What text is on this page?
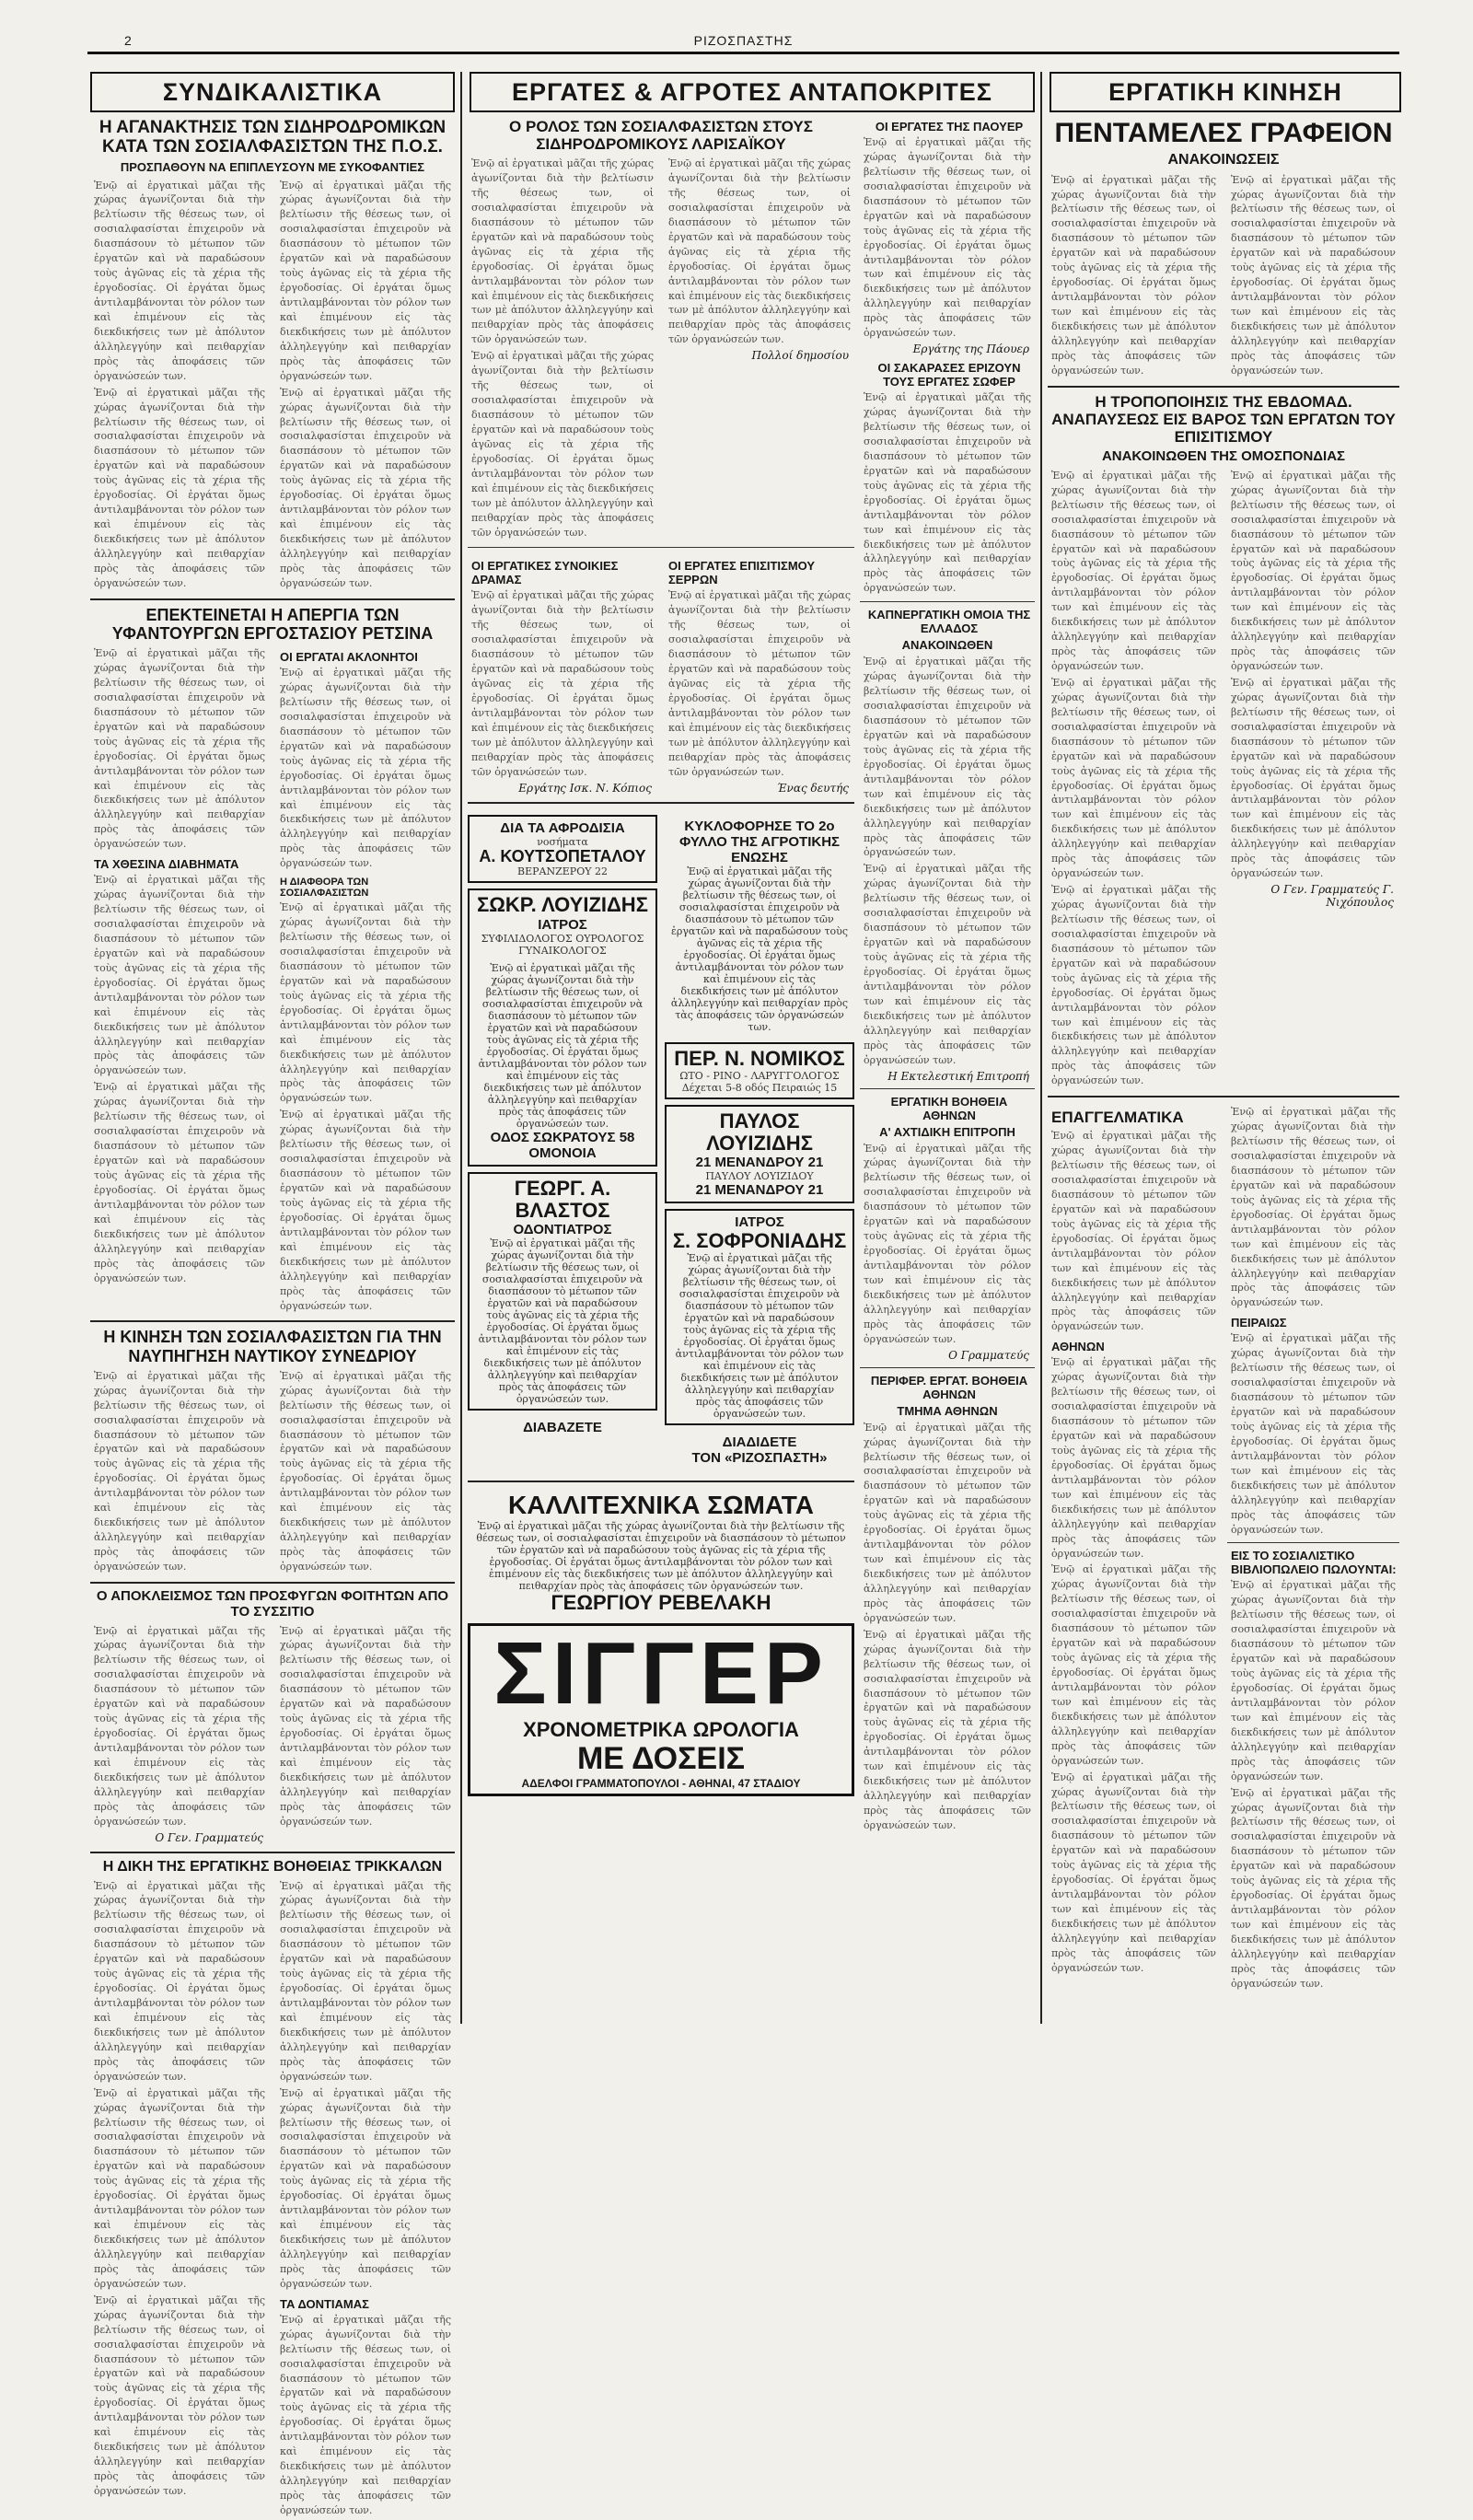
2	ΡΙΖΟΣΠΑΣΤΗΣ
ΣΥΝΔΙΚΑΛΙΣΤΙΚΑ	ΕΡΓΑΤΕΣ & ΑΓΡΟΤΕΣ ΑΝΤΑΠΟΚΡΙΤΕΣ	ΕΡΓΑΤΙΚΗ ΚΙΝΗΣΗ
Η ΑΓΑΝΑΚΤΗΣΙΣ ΤΩΝ ΣΙΔΗΡΟΔΡΟΜΙΚΩΝ ΚΑΤΑ ΤΩΝ ΣΟΣΙΑΛΦΑΣΙΣΤΩΝ ΤΗΣ Π.Ο.Σ.
ΠΡΟΣΠΑΘΟΥΝ ΝΑ ΕΠΙΠΛΕΥΣΟΥΝ ΜΕ ΣΥΚΟΦΑΝΤΙΕΣ

Ἐνῷ αἱ ἐργατικαὶ μᾶζαι τῆς χώρας ἀγωνίζονται διὰ τὴν βελτίωσιν τῆς θέσεως των, οἱ σοσιαλφασίσται ἐπιχειροῦν νὰ διασπάσουν τὸ μέτωπον τῶν ἐργατῶν καὶ νὰ παραδώσουν τοὺς ἀγῶνας εἰς τὰ χέρια τῆς ἐργοδοσίας. Οἱ ἐργάται ὅμως ἀντιλαμβάνονται τὸν ρόλον των καὶ ἐπιμένουν εἰς τὰς διεκδικήσεις των μὲ ἀπόλυτον ἀλληλεγγύην καὶ πειθαρχίαν πρὸς τὰς ἀποφάσεις τῶν ὀργανώσεών των.

Ἐνῷ αἱ ἐργατικαὶ μᾶζαι τῆς χώρας ἀγωνίζονται διὰ τὴν βελτίωσιν τῆς θέσεως των, οἱ σοσιαλφασίσται ἐπιχειροῦν νὰ διασπάσουν τὸ μέτωπον τῶν ἐργατῶν καὶ νὰ παραδώσουν τοὺς ἀγῶνας εἰς τὰ χέρια τῆς ἐργοδοσίας. Οἱ ἐργάται ὅμως ἀντιλαμβάνονται τὸν ρόλον των καὶ ἐπιμένουν εἰς τὰς διεκδικήσεις των μὲ ἀπόλυτον ἀλληλεγγύην καὶ πειθαρχίαν πρὸς τὰς ἀποφάσεις τῶν ὀργανώσεών των.

Ἐνῷ αἱ ἐργατικαὶ μᾶζαι τῆς χώρας ἀγωνίζονται διὰ τὴν βελτίωσιν τῆς θέσεως των, οἱ σοσιαλφασίσται ἐπιχειροῦν νὰ διασπάσουν τὸ μέτωπον τῶν ἐργατῶν καὶ νὰ παραδώσουν τοὺς ἀγῶνας εἰς τὰ χέρια τῆς ἐργοδοσίας. Οἱ ἐργάται ὅμως ἀντιλαμβάνονται τὸν ρόλον των καὶ ἐπιμένουν εἰς τὰς διεκδικήσεις των μὲ ἀπόλυτον ἀλληλεγγύην καὶ πειθαρχίαν πρὸς τὰς ἀποφάσεις τῶν ὀργανώσεών των.

Ἐνῷ αἱ ἐργατικαὶ μᾶζαι τῆς χώρας ἀγωνίζονται διὰ τὴν βελτίωσιν τῆς θέσεως των, οἱ σοσιαλφασίσται ἐπιχειροῦν νὰ διασπάσουν τὸ μέτωπον τῶν ἐργατῶν καὶ νὰ παραδώσουν τοὺς ἀγῶνας εἰς τὰ χέρια τῆς ἐργοδοσίας. Οἱ ἐργάται ὅμως ἀντιλαμβάνονται τὸν ρόλον των καὶ ἐπιμένουν εἰς τὰς διεκδικήσεις των μὲ ἀπόλυτον ἀλληλεγγύην καὶ πειθαρχίαν πρὸς τὰς ἀποφάσεις τῶν ὀργανώσεών των.

ΕΠΕΚΤΕΙΝΕΤΑΙ Η ΑΠΕΡΓΙΑ ΤΩΝ ΥΦΑΝΤΟΥΡΓΩΝ ΕΡΓΟΣΤΑΣΙΟΥ ΡΕΤΣΙΝΑ

Ἐνῷ αἱ ἐργατικαὶ μᾶζαι τῆς χώρας ἀγωνίζονται διὰ τὴν βελτίωσιν τῆς θέσεως των, οἱ σοσιαλφασίσται ἐπιχειροῦν νὰ διασπάσουν τὸ μέτωπον τῶν ἐργατῶν καὶ νὰ παραδώσουν τοὺς ἀγῶνας εἰς τὰ χέρια τῆς ἐργοδοσίας. Οἱ ἐργάται ὅμως ἀντιλαμβάνονται τὸν ρόλον των καὶ ἐπιμένουν εἰς τὰς διεκδικήσεις των μὲ ἀπόλυτον ἀλληλεγγύην καὶ πειθαρχίαν πρὸς τὰς ἀποφάσεις τῶν ὀργανώσεών των.

ΤΑ ΧΘΕΣΙΝΑ ΔΙΑΒΗΜΑΤΑ

Ἐνῷ αἱ ἐργατικαὶ μᾶζαι τῆς χώρας ἀγωνίζονται διὰ τὴν βελτίωσιν τῆς θέσεως των, οἱ σοσιαλφασίσται ἐπιχειροῦν νὰ διασπάσουν τὸ μέτωπον τῶν ἐργατῶν καὶ νὰ παραδώσουν τοὺς ἀγῶνας εἰς τὰ χέρια τῆς ἐργοδοσίας. Οἱ ἐργάται ὅμως ἀντιλαμβάνονται τὸν ρόλον των καὶ ἐπιμένουν εἰς τὰς διεκδικήσεις των μὲ ἀπόλυτον ἀλληλεγγύην καὶ πειθαρχίαν πρὸς τὰς ἀποφάσεις τῶν ὀργανώσεών των.

Ἐνῷ αἱ ἐργατικαὶ μᾶζαι τῆς χώρας ἀγωνίζονται διὰ τὴν βελτίωσιν τῆς θέσεως των, οἱ σοσιαλφασίσται ἐπιχειροῦν νὰ διασπάσουν τὸ μέτωπον τῶν ἐργατῶν καὶ νὰ παραδώσουν τοὺς ἀγῶνας εἰς τὰ χέρια τῆς ἐργοδοσίας. Οἱ ἐργάται ὅμως ἀντιλαμβάνονται τὸν ρόλον των καὶ ἐπιμένουν εἰς τὰς διεκδικήσεις των μὲ ἀπόλυτον ἀλληλεγγύην καὶ πειθαρχίαν πρὸς τὰς ἀποφάσεις τῶν ὀργανώσεών των.

ΟΙ ΕΡΓΑΤΑΙ ΑΚΛΟΝΗΤΟΙ

Ἐνῷ αἱ ἐργατικαὶ μᾶζαι τῆς χώρας ἀγωνίζονται διὰ τὴν βελτίωσιν τῆς θέσεως των, οἱ σοσιαλφασίσται ἐπιχειροῦν νὰ διασπάσουν τὸ μέτωπον τῶν ἐργατῶν καὶ νὰ παραδώσουν τοὺς ἀγῶνας εἰς τὰ χέρια τῆς ἐργοδοσίας. Οἱ ἐργάται ὅμως ἀντιλαμβάνονται τὸν ρόλον των καὶ ἐπιμένουν εἰς τὰς διεκδικήσεις των μὲ ἀπόλυτον ἀλληλεγγύην καὶ πειθαρχίαν πρὸς τὰς ἀποφάσεις τῶν ὀργανώσεών των.

Η ΔΙΑΦΘΟΡΑ ΤΩΝ ΣΟΣΙΑΛΦΑΣΙΣΤΩΝ

Ἐνῷ αἱ ἐργατικαὶ μᾶζαι τῆς χώρας ἀγωνίζονται διὰ τὴν βελτίωσιν τῆς θέσεως των, οἱ σοσιαλφασίσται ἐπιχειροῦν νὰ διασπάσουν τὸ μέτωπον τῶν ἐργατῶν καὶ νὰ παραδώσουν τοὺς ἀγῶνας εἰς τὰ χέρια τῆς ἐργοδοσίας. Οἱ ἐργάται ὅμως ἀντιλαμβάνονται τὸν ρόλον των καὶ ἐπιμένουν εἰς τὰς διεκδικήσεις των μὲ ἀπόλυτον ἀλληλεγγύην καὶ πειθαρχίαν πρὸς τὰς ἀποφάσεις τῶν ὀργανώσεών των.

Ἐνῷ αἱ ἐργατικαὶ μᾶζαι τῆς χώρας ἀγωνίζονται διὰ τὴν βελτίωσιν τῆς θέσεως των, οἱ σοσιαλφασίσται ἐπιχειροῦν νὰ διασπάσουν τὸ μέτωπον τῶν ἐργατῶν καὶ νὰ παραδώσουν τοὺς ἀγῶνας εἰς τὰ χέρια τῆς ἐργοδοσίας. Οἱ ἐργάται ὅμως ἀντιλαμβάνονται τὸν ρόλον των καὶ ἐπιμένουν εἰς τὰς διεκδικήσεις των μὲ ἀπόλυτον ἀλληλεγγύην καὶ πειθαρχίαν πρὸς τὰς ἀποφάσεις τῶν ὀργανώσεών των.

Η ΚΙΝΗΣΗ ΤΩΝ ΣΟΣΙΑΛΦΑΣΙΣΤΩΝ ΓΙΑ ΤΗΝ ΝΑΥΠΗΓΗΣΗ ΝΑΥΤΙΚΟΥ ΣΥΝΕΔΡΙΟΥ

Ἐνῷ αἱ ἐργατικαὶ μᾶζαι τῆς χώρας ἀγωνίζονται διὰ τὴν βελτίωσιν τῆς θέσεως των, οἱ σοσιαλφασίσται ἐπιχειροῦν νὰ διασπάσουν τὸ μέτωπον τῶν ἐργατῶν καὶ νὰ παραδώσουν τοὺς ἀγῶνας εἰς τὰ χέρια τῆς ἐργοδοσίας. Οἱ ἐργάται ὅμως ἀντιλαμβάνονται τὸν ρόλον των καὶ ἐπιμένουν εἰς τὰς διεκδικήσεις των μὲ ἀπόλυτον ἀλληλεγγύην καὶ πειθαρχίαν πρὸς τὰς ἀποφάσεις τῶν ὀργανώσεών των.

Ἐνῷ αἱ ἐργατικαὶ μᾶζαι τῆς χώρας ἀγωνίζονται διὰ τὴν βελτίωσιν τῆς θέσεως των, οἱ σοσιαλφασίσται ἐπιχειροῦν νὰ διασπάσουν τὸ μέτωπον τῶν ἐργατῶν καὶ νὰ παραδώσουν τοὺς ἀγῶνας εἰς τὰ χέρια τῆς ἐργοδοσίας. Οἱ ἐργάται ὅμως ἀντιλαμβάνονται τὸν ρόλον των καὶ ἐπιμένουν εἰς τὰς διεκδικήσεις των μὲ ἀπόλυτον ἀλληλεγγύην καὶ πειθαρχίαν πρὸς τὰς ἀποφάσεις τῶν ὀργανώσεών των.

Ο ΑΠΟΚΛΕΙΣΜΟΣ ΤΩΝ ΠΡΟΣΦΥΓΩΝ ΦΟΙΤΗΤΩΝ ΑΠΟ ΤΟ ΣΥΣΣΙΤΙΟ

Ἐνῷ αἱ ἐργατικαὶ μᾶζαι τῆς χώρας ἀγωνίζονται διὰ τὴν βελτίωσιν τῆς θέσεως των, οἱ σοσιαλφασίσται ἐπιχειροῦν νὰ διασπάσουν τὸ μέτωπον τῶν ἐργατῶν καὶ νὰ παραδώσουν τοὺς ἀγῶνας εἰς τὰ χέρια τῆς ἐργοδοσίας. Οἱ ἐργάται ὅμως ἀντιλαμβάνονται τὸν ρόλον των καὶ ἐπιμένουν εἰς τὰς διεκδικήσεις των μὲ ἀπόλυτον ἀλληλεγγύην καὶ πειθαρχίαν πρὸς τὰς ἀποφάσεις τῶν ὀργανώσεών των.

Ο Γεν. Γραμματεύς

Ἐνῷ αἱ ἐργατικαὶ μᾶζαι τῆς χώρας ἀγωνίζονται διὰ τὴν βελτίωσιν τῆς θέσεως των, οἱ σοσιαλφασίσται ἐπιχειροῦν νὰ διασπάσουν τὸ μέτωπον τῶν ἐργατῶν καὶ νὰ παραδώσουν τοὺς ἀγῶνας εἰς τὰ χέρια τῆς ἐργοδοσίας. Οἱ ἐργάται ὅμως ἀντιλαμβάνονται τὸν ρόλον των καὶ ἐπιμένουν εἰς τὰς διεκδικήσεις των μὲ ἀπόλυτον ἀλληλεγγύην καὶ πειθαρχίαν πρὸς τὰς ἀποφάσεις τῶν ὀργανώσεών των.

Η ΔΙΚΗ ΤΗΣ ΕΡΓΑΤΙΚΗΣ ΒΟΗΘΕΙΑΣ ΤΡΙΚΚΑΛΩΝ

Ἐνῷ αἱ ἐργατικαὶ μᾶζαι τῆς χώρας ἀγωνίζονται διὰ τὴν βελτίωσιν τῆς θέσεως των, οἱ σοσιαλφασίσται ἐπιχειροῦν νὰ διασπάσουν τὸ μέτωπον τῶν ἐργατῶν καὶ νὰ παραδώσουν τοὺς ἀγῶνας εἰς τὰ χέρια τῆς ἐργοδοσίας. Οἱ ἐργάται ὅμως ἀντιλαμβάνονται τὸν ρόλον των καὶ ἐπιμένουν εἰς τὰς διεκδικήσεις των μὲ ἀπόλυτον ἀλληλεγγύην καὶ πειθαρχίαν πρὸς τὰς ἀποφάσεις τῶν ὀργανώσεών των.

Ἐνῷ αἱ ἐργατικαὶ μᾶζαι τῆς χώρας ἀγωνίζονται διὰ τὴν βελτίωσιν τῆς θέσεως των, οἱ σοσιαλφασίσται ἐπιχειροῦν νὰ διασπάσουν τὸ μέτωπον τῶν ἐργατῶν καὶ νὰ παραδώσουν τοὺς ἀγῶνας εἰς τὰ χέρια τῆς ἐργοδοσίας. Οἱ ἐργάται ὅμως ἀντιλαμβάνονται τὸν ρόλον των καὶ ἐπιμένουν εἰς τὰς διεκδικήσεις των μὲ ἀπόλυτον ἀλληλεγγύην καὶ πειθαρχίαν πρὸς τὰς ἀποφάσεις τῶν ὀργανώσεών των.

Ἐνῷ αἱ ἐργατικαὶ μᾶζαι τῆς χώρας ἀγωνίζονται διὰ τὴν βελτίωσιν τῆς θέσεως των, οἱ σοσιαλφασίσται ἐπιχειροῦν νὰ διασπάσουν τὸ μέτωπον τῶν ἐργατῶν καὶ νὰ παραδώσουν τοὺς ἀγῶνας εἰς τὰ χέρια τῆς ἐργοδοσίας. Οἱ ἐργάται ὅμως ἀντιλαμβάνονται τὸν ρόλον των καὶ ἐπιμένουν εἰς τὰς διεκδικήσεις των μὲ ἀπόλυτον ἀλληλεγγύην καὶ πειθαρχίαν πρὸς τὰς ἀποφάσεις τῶν ὀργανώσεών των.

Ἐνῷ αἱ ἐργατικαὶ μᾶζαι τῆς χώρας ἀγωνίζονται διὰ τὴν βελτίωσιν τῆς θέσεως των, οἱ σοσιαλφασίσται ἐπιχειροῦν νὰ διασπάσουν τὸ μέτωπον τῶν ἐργατῶν καὶ νὰ παραδώσουν τοὺς ἀγῶνας εἰς τὰ χέρια τῆς ἐργοδοσίας. Οἱ ἐργάται ὅμως ἀντιλαμβάνονται τὸν ρόλον των καὶ ἐπιμένουν εἰς τὰς διεκδικήσεις των μὲ ἀπόλυτον ἀλληλεγγύην καὶ πειθαρχίαν πρὸς τὰς ἀποφάσεις τῶν ὀργανώσεών των.

Ἐνῷ αἱ ἐργατικαὶ μᾶζαι τῆς χώρας ἀγωνίζονται διὰ τὴν βελτίωσιν τῆς θέσεως των, οἱ σοσιαλφασίσται ἐπιχειροῦν νὰ διασπάσουν τὸ μέτωπον τῶν ἐργατῶν καὶ νὰ παραδώσουν τοὺς ἀγῶνας εἰς τὰ χέρια τῆς ἐργοδοσίας. Οἱ ἐργάται ὅμως ἀντιλαμβάνονται τὸν ρόλον των καὶ ἐπιμένουν εἰς τὰς διεκδικήσεις των μὲ ἀπόλυτον ἀλληλεγγύην καὶ πειθαρχίαν πρὸς τὰς ἀποφάσεις τῶν ὀργανώσεών των.

ΤΑ ΔΟΝΤΙΑΜΑΣ

Ἐνῷ αἱ ἐργατικαὶ μᾶζαι τῆς χώρας ἀγωνίζονται διὰ τὴν βελτίωσιν τῆς θέσεως των, οἱ σοσιαλφασίσται ἐπιχειροῦν νὰ διασπάσουν τὸ μέτωπον τῶν ἐργατῶν καὶ νὰ παραδώσουν τοὺς ἀγῶνας εἰς τὰ χέρια τῆς ἐργοδοσίας. Οἱ ἐργάται ὅμως ἀντιλαμβάνονται τὸν ρόλον των καὶ ἐπιμένουν εἰς τὰς διεκδικήσεις των μὲ ἀπόλυτον ἀλληλεγγύην καὶ πειθαρχίαν πρὸς τὰς ἀποφάσεις τῶν ὀργανώσεών των.

Ο ΡΟΛΟΣ ΤΩΝ ΣΟΣΙΑΛΦΑΣΙΣΤΩΝ ΣΤΟΥΣ ΣΙΔΗΡΟΔΡΟΜΙΚΟΥΣ ΛΑΡΙΣΑΪΚΟΥ

Ἐνῷ αἱ ἐργατικαὶ μᾶζαι τῆς χώρας ἀγωνίζονται διὰ τὴν βελτίωσιν τῆς θέσεως των, οἱ σοσιαλφασίσται ἐπιχειροῦν νὰ διασπάσουν τὸ μέτωπον τῶν ἐργατῶν καὶ νὰ παραδώσουν τοὺς ἀγῶνας εἰς τὰ χέρια τῆς ἐργοδοσίας. Οἱ ἐργάται ὅμως ἀντιλαμβάνονται τὸν ρόλον των καὶ ἐπιμένουν εἰς τὰς διεκδικήσεις των μὲ ἀπόλυτον ἀλληλεγγύην καὶ πειθαρχίαν πρὸς τὰς ἀποφάσεις τῶν ὀργανώσεών των.

Ἐνῷ αἱ ἐργατικαὶ μᾶζαι τῆς χώρας ἀγωνίζονται διὰ τὴν βελτίωσιν τῆς θέσεως των, οἱ σοσιαλφασίσται ἐπιχειροῦν νὰ διασπάσουν τὸ μέτωπον τῶν ἐργατῶν καὶ νὰ παραδώσουν τοὺς ἀγῶνας εἰς τὰ χέρια τῆς ἐργοδοσίας. Οἱ ἐργάται ὅμως ἀντιλαμβάνονται τὸν ρόλον των καὶ ἐπιμένουν εἰς τὰς διεκδικήσεις των μὲ ἀπόλυτον ἀλληλεγγύην καὶ πειθαρχίαν πρὸς τὰς ἀποφάσεις τῶν ὀργανώσεών των.

Ἐνῷ αἱ ἐργατικαὶ μᾶζαι τῆς χώρας ἀγωνίζονται διὰ τὴν βελτίωσιν τῆς θέσεως των, οἱ σοσιαλφασίσται ἐπιχειροῦν νὰ διασπάσουν τὸ μέτωπον τῶν ἐργατῶν καὶ νὰ παραδώσουν τοὺς ἀγῶνας εἰς τὰ χέρια τῆς ἐργοδοσίας. Οἱ ἐργάται ὅμως ἀντιλαμβάνονται τὸν ρόλον των καὶ ἐπιμένουν εἰς τὰς διεκδικήσεις των μὲ ἀπόλυτον ἀλληλεγγύην καὶ πειθαρχίαν πρὸς τὰς ἀποφάσεις τῶν ὀργανώσεών των.

Πολλοί δημοσίου
ΟΙ ΕΡΓΑΤΙΚΕΣ ΣΥΝΟΙΚΙΕΣ ΔΡΑΜΑΣ

Ἐνῷ αἱ ἐργατικαὶ μᾶζαι τῆς χώρας ἀγωνίζονται διὰ τὴν βελτίωσιν τῆς θέσεως των, οἱ σοσιαλφασίσται ἐπιχειροῦν νὰ διασπάσουν τὸ μέτωπον τῶν ἐργατῶν καὶ νὰ παραδώσουν τοὺς ἀγῶνας εἰς τὰ χέρια τῆς ἐργοδοσίας. Οἱ ἐργάται ὅμως ἀντιλαμβάνονται τὸν ρόλον των καὶ ἐπιμένουν εἰς τὰς διεκδικήσεις των μὲ ἀπόλυτον ἀλληλεγγύην καὶ πειθαρχίαν πρὸς τὰς ἀποφάσεις τῶν ὀργανώσεών των.

Εργάτης Ισκ. Ν. Κόπιος
ΟΙ ΕΡΓΑΤΕΣ ΕΠΙΣΙΤΙΣΜΟΥ ΣΕΡΡΩΝ

Ἐνῷ αἱ ἐργατικαὶ μᾶζαι τῆς χώρας ἀγωνίζονται διὰ τὴν βελτίωσιν τῆς θέσεως των, οἱ σοσιαλφασίσται ἐπιχειροῦν νὰ διασπάσουν τὸ μέτωπον τῶν ἐργατῶν καὶ νὰ παραδώσουν τοὺς ἀγῶνας εἰς τὰ χέρια τῆς ἐργοδοσίας. Οἱ ἐργάται ὅμως ἀντιλαμβάνονται τὸν ρόλον των καὶ ἐπιμένουν εἰς τὰς διεκδικήσεις των μὲ ἀπόλυτον ἀλληλεγγύην καὶ πειθαρχίαν πρὸς τὰς ἀποφάσεις τῶν ὀργανώσεών των.

Ένας δευτής
ΔΙΑ ΤΑ ΑΦΡΟΔΙΣΙΑ
νοσήματα
Α. ΚΟΥΤΣΟΠΕΤΑΛΟΥ
ΒΕΡΑΝΖΕΡΟΥ 22
ΣΩΚΡ. ΛΟΥΙΖΙΔΗΣ
ΙΑΤΡΟΣ
ΣΥΦΙΛΙΔΟΛΟΓΟΣ ΟΥΡΟΛΟΓΟΣ ΓΥΝΑΙΚΟΛΟΓΟΣ
Ἐνῷ αἱ ἐργατικαὶ μᾶζαι τῆς χώρας ἀγωνίζονται διὰ τὴν βελτίωσιν τῆς θέσεως των, οἱ σοσιαλφασίσται ἐπιχειροῦν νὰ διασπάσουν τὸ μέτωπον τῶν ἐργατῶν καὶ νὰ παραδώσουν τοὺς ἀγῶνας εἰς τὰ χέρια τῆς ἐργοδοσίας. Οἱ ἐργάται ὅμως ἀντιλαμβάνονται τὸν ρόλον των καὶ ἐπιμένουν εἰς τὰς διεκδικήσεις των μὲ ἀπόλυτον ἀλληλεγγύην καὶ πειθαρχίαν πρὸς τὰς ἀποφάσεις τῶν ὀργανώσεών των.
ΟΔΟΣ ΣΩΚΡΑΤΟΥΣ 58 ΟΜΟΝΟΙΑ
ΓΕΩΡΓ. Α. ΒΛΑΣΤΟΣ
ΟΔΟΝΤΙΑΤΡΟΣ
Ἐνῷ αἱ ἐργατικαὶ μᾶζαι τῆς χώρας ἀγωνίζονται διὰ τὴν βελτίωσιν τῆς θέσεως των, οἱ σοσιαλφασίσται ἐπιχειροῦν νὰ διασπάσουν τὸ μέτωπον τῶν ἐργατῶν καὶ νὰ παραδώσουν τοὺς ἀγῶνας εἰς τὰ χέρια τῆς ἐργοδοσίας. Οἱ ἐργάται ὅμως ἀντιλαμβάνονται τὸν ρόλον των καὶ ἐπιμένουν εἰς τὰς διεκδικήσεις των μὲ ἀπόλυτον ἀλληλεγγύην καὶ πειθαρχίαν πρὸς τὰς ἀποφάσεις τῶν ὀργανώσεών των.
ΔΙΑΒΑΖΕΤΕ
ΚΥΚΛΟΦΟΡΗΣΕ ΤΟ 2ο ΦΥΛΛΟ ΤΗΣ ΑΓΡΟΤΙΚΗΣ ΕΝΩΣΗΣ
Ἐνῷ αἱ ἐργατικαὶ μᾶζαι τῆς χώρας ἀγωνίζονται διὰ τὴν βελτίωσιν τῆς θέσεως των, οἱ σοσιαλφασίσται ἐπιχειροῦν νὰ διασπάσουν τὸ μέτωπον τῶν ἐργατῶν καὶ νὰ παραδώσουν τοὺς ἀγῶνας εἰς τὰ χέρια τῆς ἐργοδοσίας. Οἱ ἐργάται ὅμως ἀντιλαμβάνονται τὸν ρόλον των καὶ ἐπιμένουν εἰς τὰς διεκδικήσεις των μὲ ἀπόλυτον ἀλληλεγγύην καὶ πειθαρχίαν πρὸς τὰς ἀποφάσεις τῶν ὀργανώσεών των.
ΠΕΡ. Ν. ΝΟΜΙΚΟΣ
ΩΤΟ - ΡΙΝΟ - ΛΑΡΥΓΓΟΛΟΓΟΣ
Δέχεται 5-8 οδός Πειραιώς 15
ΠΑΥΛΟΣ ΛΟΥΙΖΙΔΗΣ
21 ΜΕΝΑΝΔΡΟΥ 21
ΠΑΥΛΟΥ ΛΟΥΙΖΙΔΟΥ
21 ΜΕΝΑΝΔΡΟΥ 21
ΙΑΤΡΟΣ
Σ. ΣΟΦΡΟΝΙΑΔΗΣ
Ἐνῷ αἱ ἐργατικαὶ μᾶζαι τῆς χώρας ἀγωνίζονται διὰ τὴν βελτίωσιν τῆς θέσεως των, οἱ σοσιαλφασίσται ἐπιχειροῦν νὰ διασπάσουν τὸ μέτωπον τῶν ἐργατῶν καὶ νὰ παραδώσουν τοὺς ἀγῶνας εἰς τὰ χέρια τῆς ἐργοδοσίας. Οἱ ἐργάται ὅμως ἀντιλαμβάνονται τὸν ρόλον των καὶ ἐπιμένουν εἰς τὰς διεκδικήσεις των μὲ ἀπόλυτον ἀλληλεγγύην καὶ πειθαρχίαν πρὸς τὰς ἀποφάσεις τῶν ὀργανώσεών των.
ΔΙΑΔΙΔΕΤΕ
ΤΟΝ «ΡΙΖΟΣΠΑΣΤΗ»
ΚΑΛΛΙΤΕΧΝΙΚΑ ΣΩΜΑΤΑ
Ἐνῷ αἱ ἐργατικαὶ μᾶζαι τῆς χώρας ἀγωνίζονται διὰ τὴν βελτίωσιν τῆς θέσεως των, οἱ σοσιαλφασίσται ἐπιχειροῦν νὰ διασπάσουν τὸ μέτωπον τῶν ἐργατῶν καὶ νὰ παραδώσουν τοὺς ἀγῶνας εἰς τὰ χέρια τῆς ἐργοδοσίας. Οἱ ἐργάται ὅμως ἀντιλαμβάνονται τὸν ρόλον των καὶ ἐπιμένουν εἰς τὰς διεκδικήσεις των μὲ ἀπόλυτον ἀλληλεγγύην καὶ πειθαρχίαν πρὸς τὰς ἀποφάσεις τῶν ὀργανώσεών των.
ΓΕΩΡΓΙΟΥ ΡΕΒΕΛΑΚΗ
ΣΙΓΓΕΡ
ΧΡΟΝΟΜΕΤΡΙΚΑ ΩΡΟΛΟΓΙΑ
ΜΕ ΔΟΣΕΙΣ
ΑΔΕΛΦΟΙ ΓΡΑΜΜΑΤΟΠΟΥΛΟΙ - ΑΘΗΝΑΙ, 47 ΣΤΑΔΙΟΥ
ΟΙ ΕΡΓΑΤΕΣ ΤΗΣ ΠΑΟΥΕΡ

Ἐνῷ αἱ ἐργατικαὶ μᾶζαι τῆς χώρας ἀγωνίζονται διὰ τὴν βελτίωσιν τῆς θέσεως των, οἱ σοσιαλφασίσται ἐπιχειροῦν νὰ διασπάσουν τὸ μέτωπον τῶν ἐργατῶν καὶ νὰ παραδώσουν τοὺς ἀγῶνας εἰς τὰ χέρια τῆς ἐργοδοσίας. Οἱ ἐργάται ὅμως ἀντιλαμβάνονται τὸν ρόλον των καὶ ἐπιμένουν εἰς τὰς διεκδικήσεις των μὲ ἀπόλυτον ἀλληλεγγύην καὶ πειθαρχίαν πρὸς τὰς ἀποφάσεις τῶν ὀργανώσεών των.

Εργάτης της Πάουερ
ΟΙ ΣΑΚΑΡΑΣΕΣ ΕΡΙΖΟΥΝ ΤΟΥΣ ΕΡΓΑΤΕΣ ΣΩΦΕΡ

Ἐνῷ αἱ ἐργατικαὶ μᾶζαι τῆς χώρας ἀγωνίζονται διὰ τὴν βελτίωσιν τῆς θέσεως των, οἱ σοσιαλφασίσται ἐπιχειροῦν νὰ διασπάσουν τὸ μέτωπον τῶν ἐργατῶν καὶ νὰ παραδώσουν τοὺς ἀγῶνας εἰς τὰ χέρια τῆς ἐργοδοσίας. Οἱ ἐργάται ὅμως ἀντιλαμβάνονται τὸν ρόλον των καὶ ἐπιμένουν εἰς τὰς διεκδικήσεις των μὲ ἀπόλυτον ἀλληλεγγύην καὶ πειθαρχίαν πρὸς τὰς ἀποφάσεις τῶν ὀργανώσεών των.

ΚΑΠΝΕΡΓΑΤΙΚΗ ΟΜΟΙΑ ΤΗΣ ΕΛΛΑΔΟΣ
ΑΝΑΚΟΙΝΩΘΕΝ

Ἐνῷ αἱ ἐργατικαὶ μᾶζαι τῆς χώρας ἀγωνίζονται διὰ τὴν βελτίωσιν τῆς θέσεως των, οἱ σοσιαλφασίσται ἐπιχειροῦν νὰ διασπάσουν τὸ μέτωπον τῶν ἐργατῶν καὶ νὰ παραδώσουν τοὺς ἀγῶνας εἰς τὰ χέρια τῆς ἐργοδοσίας. Οἱ ἐργάται ὅμως ἀντιλαμβάνονται τὸν ρόλον των καὶ ἐπιμένουν εἰς τὰς διεκδικήσεις των μὲ ἀπόλυτον ἀλληλεγγύην καὶ πειθαρχίαν πρὸς τὰς ἀποφάσεις τῶν ὀργανώσεών των.

Ἐνῷ αἱ ἐργατικαὶ μᾶζαι τῆς χώρας ἀγωνίζονται διὰ τὴν βελτίωσιν τῆς θέσεως των, οἱ σοσιαλφασίσται ἐπιχειροῦν νὰ διασπάσουν τὸ μέτωπον τῶν ἐργατῶν καὶ νὰ παραδώσουν τοὺς ἀγῶνας εἰς τὰ χέρια τῆς ἐργοδοσίας. Οἱ ἐργάται ὅμως ἀντιλαμβάνονται τὸν ρόλον των καὶ ἐπιμένουν εἰς τὰς διεκδικήσεις των μὲ ἀπόλυτον ἀλληλεγγύην καὶ πειθαρχίαν πρὸς τὰς ἀποφάσεις τῶν ὀργανώσεών των.

Η Εκτελεστική Επιτροπή
ΕΡΓΑΤΙΚΗ ΒΟΗΘΕΙΑ ΑΘΗΝΩΝ
Α' ΑΧΤΙΔΙΚΗ ΕΠΙΤΡΟΠΗ

Ἐνῷ αἱ ἐργατικαὶ μᾶζαι τῆς χώρας ἀγωνίζονται διὰ τὴν βελτίωσιν τῆς θέσεως των, οἱ σοσιαλφασίσται ἐπιχειροῦν νὰ διασπάσουν τὸ μέτωπον τῶν ἐργατῶν καὶ νὰ παραδώσουν τοὺς ἀγῶνας εἰς τὰ χέρια τῆς ἐργοδοσίας. Οἱ ἐργάται ὅμως ἀντιλαμβάνονται τὸν ρόλον των καὶ ἐπιμένουν εἰς τὰς διεκδικήσεις των μὲ ἀπόλυτον ἀλληλεγγύην καὶ πειθαρχίαν πρὸς τὰς ἀποφάσεις τῶν ὀργανώσεών των.

Ο Γραμματεύς
ΠΕΡΙΦΕΡ. ΕΡΓΑΤ. ΒΟΗΘΕΙΑ ΑΘΗΝΩΝ
ΤΜΗΜΑ ΑΘΗΝΩΝ

Ἐνῷ αἱ ἐργατικαὶ μᾶζαι τῆς χώρας ἀγωνίζονται διὰ τὴν βελτίωσιν τῆς θέσεως των, οἱ σοσιαλφασίσται ἐπιχειροῦν νὰ διασπάσουν τὸ μέτωπον τῶν ἐργατῶν καὶ νὰ παραδώσουν τοὺς ἀγῶνας εἰς τὰ χέρια τῆς ἐργοδοσίας. Οἱ ἐργάται ὅμως ἀντιλαμβάνονται τὸν ρόλον των καὶ ἐπιμένουν εἰς τὰς διεκδικήσεις των μὲ ἀπόλυτον ἀλληλεγγύην καὶ πειθαρχίαν πρὸς τὰς ἀποφάσεις τῶν ὀργανώσεών των.

Ἐνῷ αἱ ἐργατικαὶ μᾶζαι τῆς χώρας ἀγωνίζονται διὰ τὴν βελτίωσιν τῆς θέσεως των, οἱ σοσιαλφασίσται ἐπιχειροῦν νὰ διασπάσουν τὸ μέτωπον τῶν ἐργατῶν καὶ νὰ παραδώσουν τοὺς ἀγῶνας εἰς τὰ χέρια τῆς ἐργοδοσίας. Οἱ ἐργάται ὅμως ἀντιλαμβάνονται τὸν ρόλον των καὶ ἐπιμένουν εἰς τὰς διεκδικήσεις των μὲ ἀπόλυτον ἀλληλεγγύην καὶ πειθαρχίαν πρὸς τὰς ἀποφάσεις τῶν ὀργανώσεών των.

ΠΕΝΤΑΜΕΛΕΣ ΓΡΑΦΕΙΟΝ
ΑΝΑΚΟΙΝΩΣΕΙΣ

Ἐνῷ αἱ ἐργατικαὶ μᾶζαι τῆς χώρας ἀγωνίζονται διὰ τὴν βελτίωσιν τῆς θέσεως των, οἱ σοσιαλφασίσται ἐπιχειροῦν νὰ διασπάσουν τὸ μέτωπον τῶν ἐργατῶν καὶ νὰ παραδώσουν τοὺς ἀγῶνας εἰς τὰ χέρια τῆς ἐργοδοσίας. Οἱ ἐργάται ὅμως ἀντιλαμβάνονται τὸν ρόλον των καὶ ἐπιμένουν εἰς τὰς διεκδικήσεις των μὲ ἀπόλυτον ἀλληλεγγύην καὶ πειθαρχίαν πρὸς τὰς ἀποφάσεις τῶν ὀργανώσεών των.

Ἐνῷ αἱ ἐργατικαὶ μᾶζαι τῆς χώρας ἀγωνίζονται διὰ τὴν βελτίωσιν τῆς θέσεως των, οἱ σοσιαλφασίσται ἐπιχειροῦν νὰ διασπάσουν τὸ μέτωπον τῶν ἐργατῶν καὶ νὰ παραδώσουν τοὺς ἀγῶνας εἰς τὰ χέρια τῆς ἐργοδοσίας. Οἱ ἐργάται ὅμως ἀντιλαμβάνονται τὸν ρόλον των καὶ ἐπιμένουν εἰς τὰς διεκδικήσεις των μὲ ἀπόλυτον ἀλληλεγγύην καὶ πειθαρχίαν πρὸς τὰς ἀποφάσεις τῶν ὀργανώσεών των.

Η ΤΡΟΠΟΠΟΙΗΣΙΣ ΤΗΣ ΕΒΔΟΜΑΔ. ΑΝΑΠΑΥΣΕΩΣ ΕΙΣ ΒΑΡΟΣ ΤΩΝ ΕΡΓΑΤΩΝ ΤΟΥ ΕΠΙΣΙΤΙΣΜΟΥ
ΑΝΑΚΟΙΝΩΘΕΝ ΤΗΣ ΟΜΟΣΠΟΝΔΙΑΣ

Ἐνῷ αἱ ἐργατικαὶ μᾶζαι τῆς χώρας ἀγωνίζονται διὰ τὴν βελτίωσιν τῆς θέσεως των, οἱ σοσιαλφασίσται ἐπιχειροῦν νὰ διασπάσουν τὸ μέτωπον τῶν ἐργατῶν καὶ νὰ παραδώσουν τοὺς ἀγῶνας εἰς τὰ χέρια τῆς ἐργοδοσίας. Οἱ ἐργάται ὅμως ἀντιλαμβάνονται τὸν ρόλον των καὶ ἐπιμένουν εἰς τὰς διεκδικήσεις των μὲ ἀπόλυτον ἀλληλεγγύην καὶ πειθαρχίαν πρὸς τὰς ἀποφάσεις τῶν ὀργανώσεών των.

Ἐνῷ αἱ ἐργατικαὶ μᾶζαι τῆς χώρας ἀγωνίζονται διὰ τὴν βελτίωσιν τῆς θέσεως των, οἱ σοσιαλφασίσται ἐπιχειροῦν νὰ διασπάσουν τὸ μέτωπον τῶν ἐργατῶν καὶ νὰ παραδώσουν τοὺς ἀγῶνας εἰς τὰ χέρια τῆς ἐργοδοσίας. Οἱ ἐργάται ὅμως ἀντιλαμβάνονται τὸν ρόλον των καὶ ἐπιμένουν εἰς τὰς διεκδικήσεις των μὲ ἀπόλυτον ἀλληλεγγύην καὶ πειθαρχίαν πρὸς τὰς ἀποφάσεις τῶν ὀργανώσεών των.

Ἐνῷ αἱ ἐργατικαὶ μᾶζαι τῆς χώρας ἀγωνίζονται διὰ τὴν βελτίωσιν τῆς θέσεως των, οἱ σοσιαλφασίσται ἐπιχειροῦν νὰ διασπάσουν τὸ μέτωπον τῶν ἐργατῶν καὶ νὰ παραδώσουν τοὺς ἀγῶνας εἰς τὰ χέρια τῆς ἐργοδοσίας. Οἱ ἐργάται ὅμως ἀντιλαμβάνονται τὸν ρόλον των καὶ ἐπιμένουν εἰς τὰς διεκδικήσεις των μὲ ἀπόλυτον ἀλληλεγγύην καὶ πειθαρχίαν πρὸς τὰς ἀποφάσεις τῶν ὀργανώσεών των.

Ἐνῷ αἱ ἐργατικαὶ μᾶζαι τῆς χώρας ἀγωνίζονται διὰ τὴν βελτίωσιν τῆς θέσεως των, οἱ σοσιαλφασίσται ἐπιχειροῦν νὰ διασπάσουν τὸ μέτωπον τῶν ἐργατῶν καὶ νὰ παραδώσουν τοὺς ἀγῶνας εἰς τὰ χέρια τῆς ἐργοδοσίας. Οἱ ἐργάται ὅμως ἀντιλαμβάνονται τὸν ρόλον των καὶ ἐπιμένουν εἰς τὰς διεκδικήσεις των μὲ ἀπόλυτον ἀλληλεγγύην καὶ πειθαρχίαν πρὸς τὰς ἀποφάσεις τῶν ὀργανώσεών των.

Ἐνῷ αἱ ἐργατικαὶ μᾶζαι τῆς χώρας ἀγωνίζονται διὰ τὴν βελτίωσιν τῆς θέσεως των, οἱ σοσιαλφασίσται ἐπιχειροῦν νὰ διασπάσουν τὸ μέτωπον τῶν ἐργατῶν καὶ νὰ παραδώσουν τοὺς ἀγῶνας εἰς τὰ χέρια τῆς ἐργοδοσίας. Οἱ ἐργάται ὅμως ἀντιλαμβάνονται τὸν ρόλον των καὶ ἐπιμένουν εἰς τὰς διεκδικήσεις των μὲ ἀπόλυτον ἀλληλεγγύην καὶ πειθαρχίαν πρὸς τὰς ἀποφάσεις τῶν ὀργανώσεών των.

Ο Γεν. Γραμματεύς Γ. Νιχόπουλος
ΕΠΑΓΓΕΛΜΑΤΙΚΑ

Ἐνῷ αἱ ἐργατικαὶ μᾶζαι τῆς χώρας ἀγωνίζονται διὰ τὴν βελτίωσιν τῆς θέσεως των, οἱ σοσιαλφασίσται ἐπιχειροῦν νὰ διασπάσουν τὸ μέτωπον τῶν ἐργατῶν καὶ νὰ παραδώσουν τοὺς ἀγῶνας εἰς τὰ χέρια τῆς ἐργοδοσίας. Οἱ ἐργάται ὅμως ἀντιλαμβάνονται τὸν ρόλον των καὶ ἐπιμένουν εἰς τὰς διεκδικήσεις των μὲ ἀπόλυτον ἀλληλεγγύην καὶ πειθαρχίαν πρὸς τὰς ἀποφάσεις τῶν ὀργανώσεών των.

ΑΘΗΝΩΝ

Ἐνῷ αἱ ἐργατικαὶ μᾶζαι τῆς χώρας ἀγωνίζονται διὰ τὴν βελτίωσιν τῆς θέσεως των, οἱ σοσιαλφασίσται ἐπιχειροῦν νὰ διασπάσουν τὸ μέτωπον τῶν ἐργατῶν καὶ νὰ παραδώσουν τοὺς ἀγῶνας εἰς τὰ χέρια τῆς ἐργοδοσίας. Οἱ ἐργάται ὅμως ἀντιλαμβάνονται τὸν ρόλον των καὶ ἐπιμένουν εἰς τὰς διεκδικήσεις των μὲ ἀπόλυτον ἀλληλεγγύην καὶ πειθαρχίαν πρὸς τὰς ἀποφάσεις τῶν ὀργανώσεών των.

Ἐνῷ αἱ ἐργατικαὶ μᾶζαι τῆς χώρας ἀγωνίζονται διὰ τὴν βελτίωσιν τῆς θέσεως των, οἱ σοσιαλφασίσται ἐπιχειροῦν νὰ διασπάσουν τὸ μέτωπον τῶν ἐργατῶν καὶ νὰ παραδώσουν τοὺς ἀγῶνας εἰς τὰ χέρια τῆς ἐργοδοσίας. Οἱ ἐργάται ὅμως ἀντιλαμβάνονται τὸν ρόλον των καὶ ἐπιμένουν εἰς τὰς διεκδικήσεις των μὲ ἀπόλυτον ἀλληλεγγύην καὶ πειθαρχίαν πρὸς τὰς ἀποφάσεις τῶν ὀργανώσεών των.

Ἐνῷ αἱ ἐργατικαὶ μᾶζαι τῆς χώρας ἀγωνίζονται διὰ τὴν βελτίωσιν τῆς θέσεως των, οἱ σοσιαλφασίσται ἐπιχειροῦν νὰ διασπάσουν τὸ μέτωπον τῶν ἐργατῶν καὶ νὰ παραδώσουν τοὺς ἀγῶνας εἰς τὰ χέρια τῆς ἐργοδοσίας. Οἱ ἐργάται ὅμως ἀντιλαμβάνονται τὸν ρόλον των καὶ ἐπιμένουν εἰς τὰς διεκδικήσεις των μὲ ἀπόλυτον ἀλληλεγγύην καὶ πειθαρχίαν πρὸς τὰς ἀποφάσεις τῶν ὀργανώσεών των.

Ἐνῷ αἱ ἐργατικαὶ μᾶζαι τῆς χώρας ἀγωνίζονται διὰ τὴν βελτίωσιν τῆς θέσεως των, οἱ σοσιαλφασίσται ἐπιχειροῦν νὰ διασπάσουν τὸ μέτωπον τῶν ἐργατῶν καὶ νὰ παραδώσουν τοὺς ἀγῶνας εἰς τὰ χέρια τῆς ἐργοδοσίας. Οἱ ἐργάται ὅμως ἀντιλαμβάνονται τὸν ρόλον των καὶ ἐπιμένουν εἰς τὰς διεκδικήσεις των μὲ ἀπόλυτον ἀλληλεγγύην καὶ πειθαρχίαν πρὸς τὰς ἀποφάσεις τῶν ὀργανώσεών των.

ΠΕΙΡΑΙΩΣ

Ἐνῷ αἱ ἐργατικαὶ μᾶζαι τῆς χώρας ἀγωνίζονται διὰ τὴν βελτίωσιν τῆς θέσεως των, οἱ σοσιαλφασίσται ἐπιχειροῦν νὰ διασπάσουν τὸ μέτωπον τῶν ἐργατῶν καὶ νὰ παραδώσουν τοὺς ἀγῶνας εἰς τὰ χέρια τῆς ἐργοδοσίας. Οἱ ἐργάται ὅμως ἀντιλαμβάνονται τὸν ρόλον των καὶ ἐπιμένουν εἰς τὰς διεκδικήσεις των μὲ ἀπόλυτον ἀλληλεγγύην καὶ πειθαρχίαν πρὸς τὰς ἀποφάσεις τῶν ὀργανώσεών των.

ΕΙΣ ΤΟ ΣΟΣΙΑΛΙΣΤΙΚΟ ΒΙΒΛΙΟΠΩΛΕΙΟ ΠΩΛΟΥΝΤΑΙ:

Ἐνῷ αἱ ἐργατικαὶ μᾶζαι τῆς χώρας ἀγωνίζονται διὰ τὴν βελτίωσιν τῆς θέσεως των, οἱ σοσιαλφασίσται ἐπιχειροῦν νὰ διασπάσουν τὸ μέτωπον τῶν ἐργατῶν καὶ νὰ παραδώσουν τοὺς ἀγῶνας εἰς τὰ χέρια τῆς ἐργοδοσίας. Οἱ ἐργάται ὅμως ἀντιλαμβάνονται τὸν ρόλον των καὶ ἐπιμένουν εἰς τὰς διεκδικήσεις των μὲ ἀπόλυτον ἀλληλεγγύην καὶ πειθαρχίαν πρὸς τὰς ἀποφάσεις τῶν ὀργανώσεών των.

Ἐνῷ αἱ ἐργατικαὶ μᾶζαι τῆς χώρας ἀγωνίζονται διὰ τὴν βελτίωσιν τῆς θέσεως των, οἱ σοσιαλφασίσται ἐπιχειροῦν νὰ διασπάσουν τὸ μέτωπον τῶν ἐργατῶν καὶ νὰ παραδώσουν τοὺς ἀγῶνας εἰς τὰ χέρια τῆς ἐργοδοσίας. Οἱ ἐργάται ὅμως ἀντιλαμβάνονται τὸν ρόλον των καὶ ἐπιμένουν εἰς τὰς διεκδικήσεις των μὲ ἀπόλυτον ἀλληλεγγύην καὶ πειθαρχίαν πρὸς τὰς ἀποφάσεις τῶν ὀργανώσεών των.
